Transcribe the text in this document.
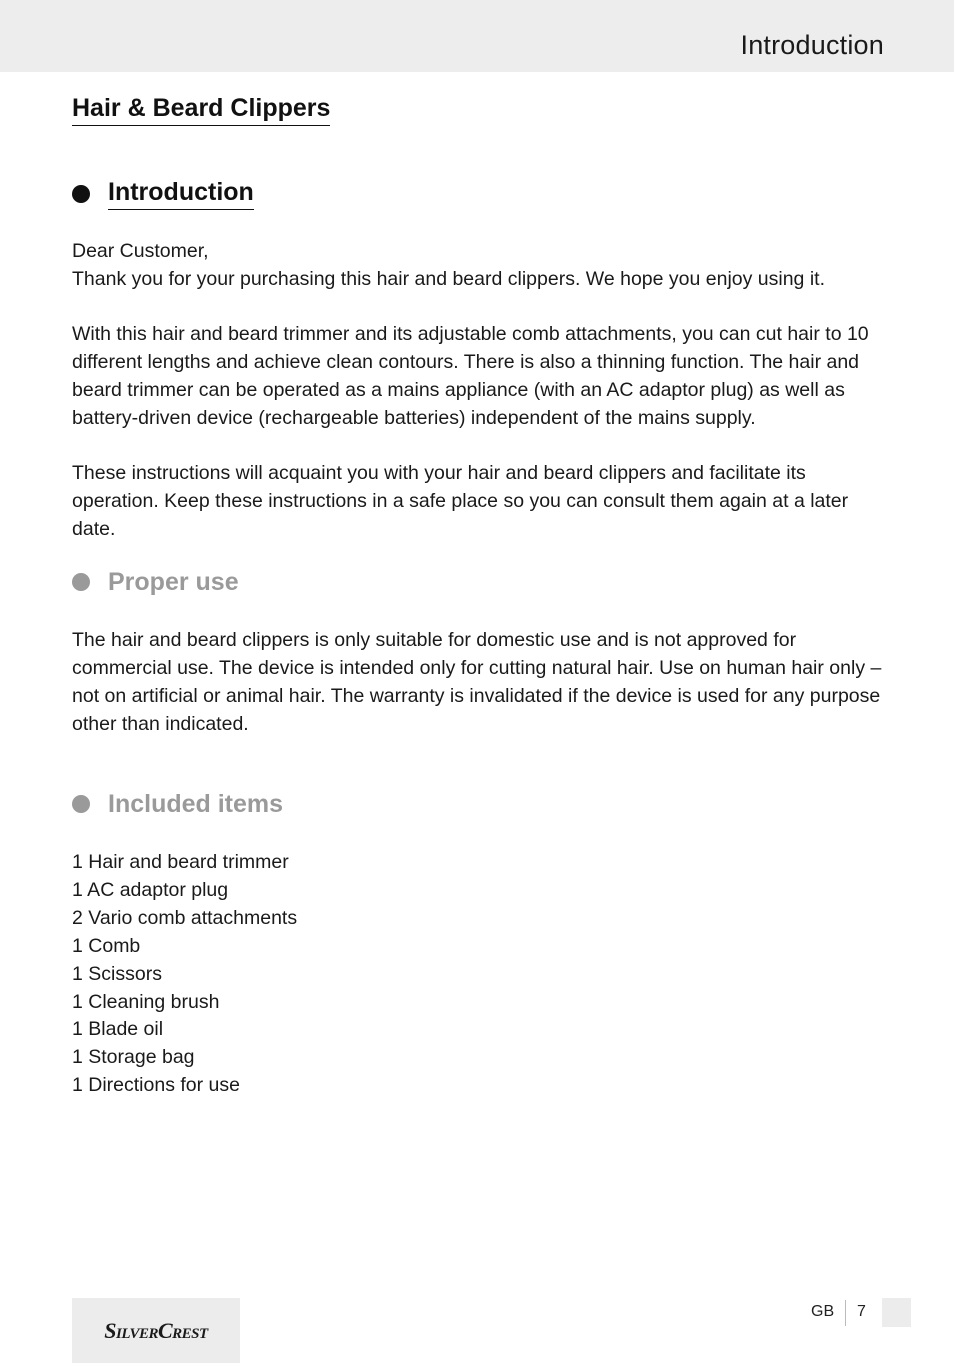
Introduction
Hair & Beard Clippers
Introduction

Dear Customer,
Thank you for your purchasing this hair and beard clippers. We hope you enjoy using it.

With this hair and beard trimmer and its adjustable comb attachments, you can cut hair to 10 different lengths and achieve clean contours. There is also a thinning function. The hair and beard trimmer can be operated as a mains appliance (with an AC adaptor plug) as well as battery-driven device (rechargeable batteries) independent of the mains supply.

These instructions will acquaint you with your hair and beard clippers and facilitate its operation. Keep these instructions in a safe place so you can consult them again at a later date.

Proper use

The hair and beard clippers is only suitable for domestic use and is not approved for commercial use. The device is intended only for cutting natural hair. Use on human hair only – not on artificial or animal hair. The warranty is invalidated if the device is used for any purpose other than indicated.

Included items
1 Hair and beard trimmer
1 AC adaptor plug
2 Vario comb attachments
1 Comb
1 Scissors
1 Cleaning brush
1 Blade oil
1 Storage bag
1 Directions for use
SilverCrest
GB 7
